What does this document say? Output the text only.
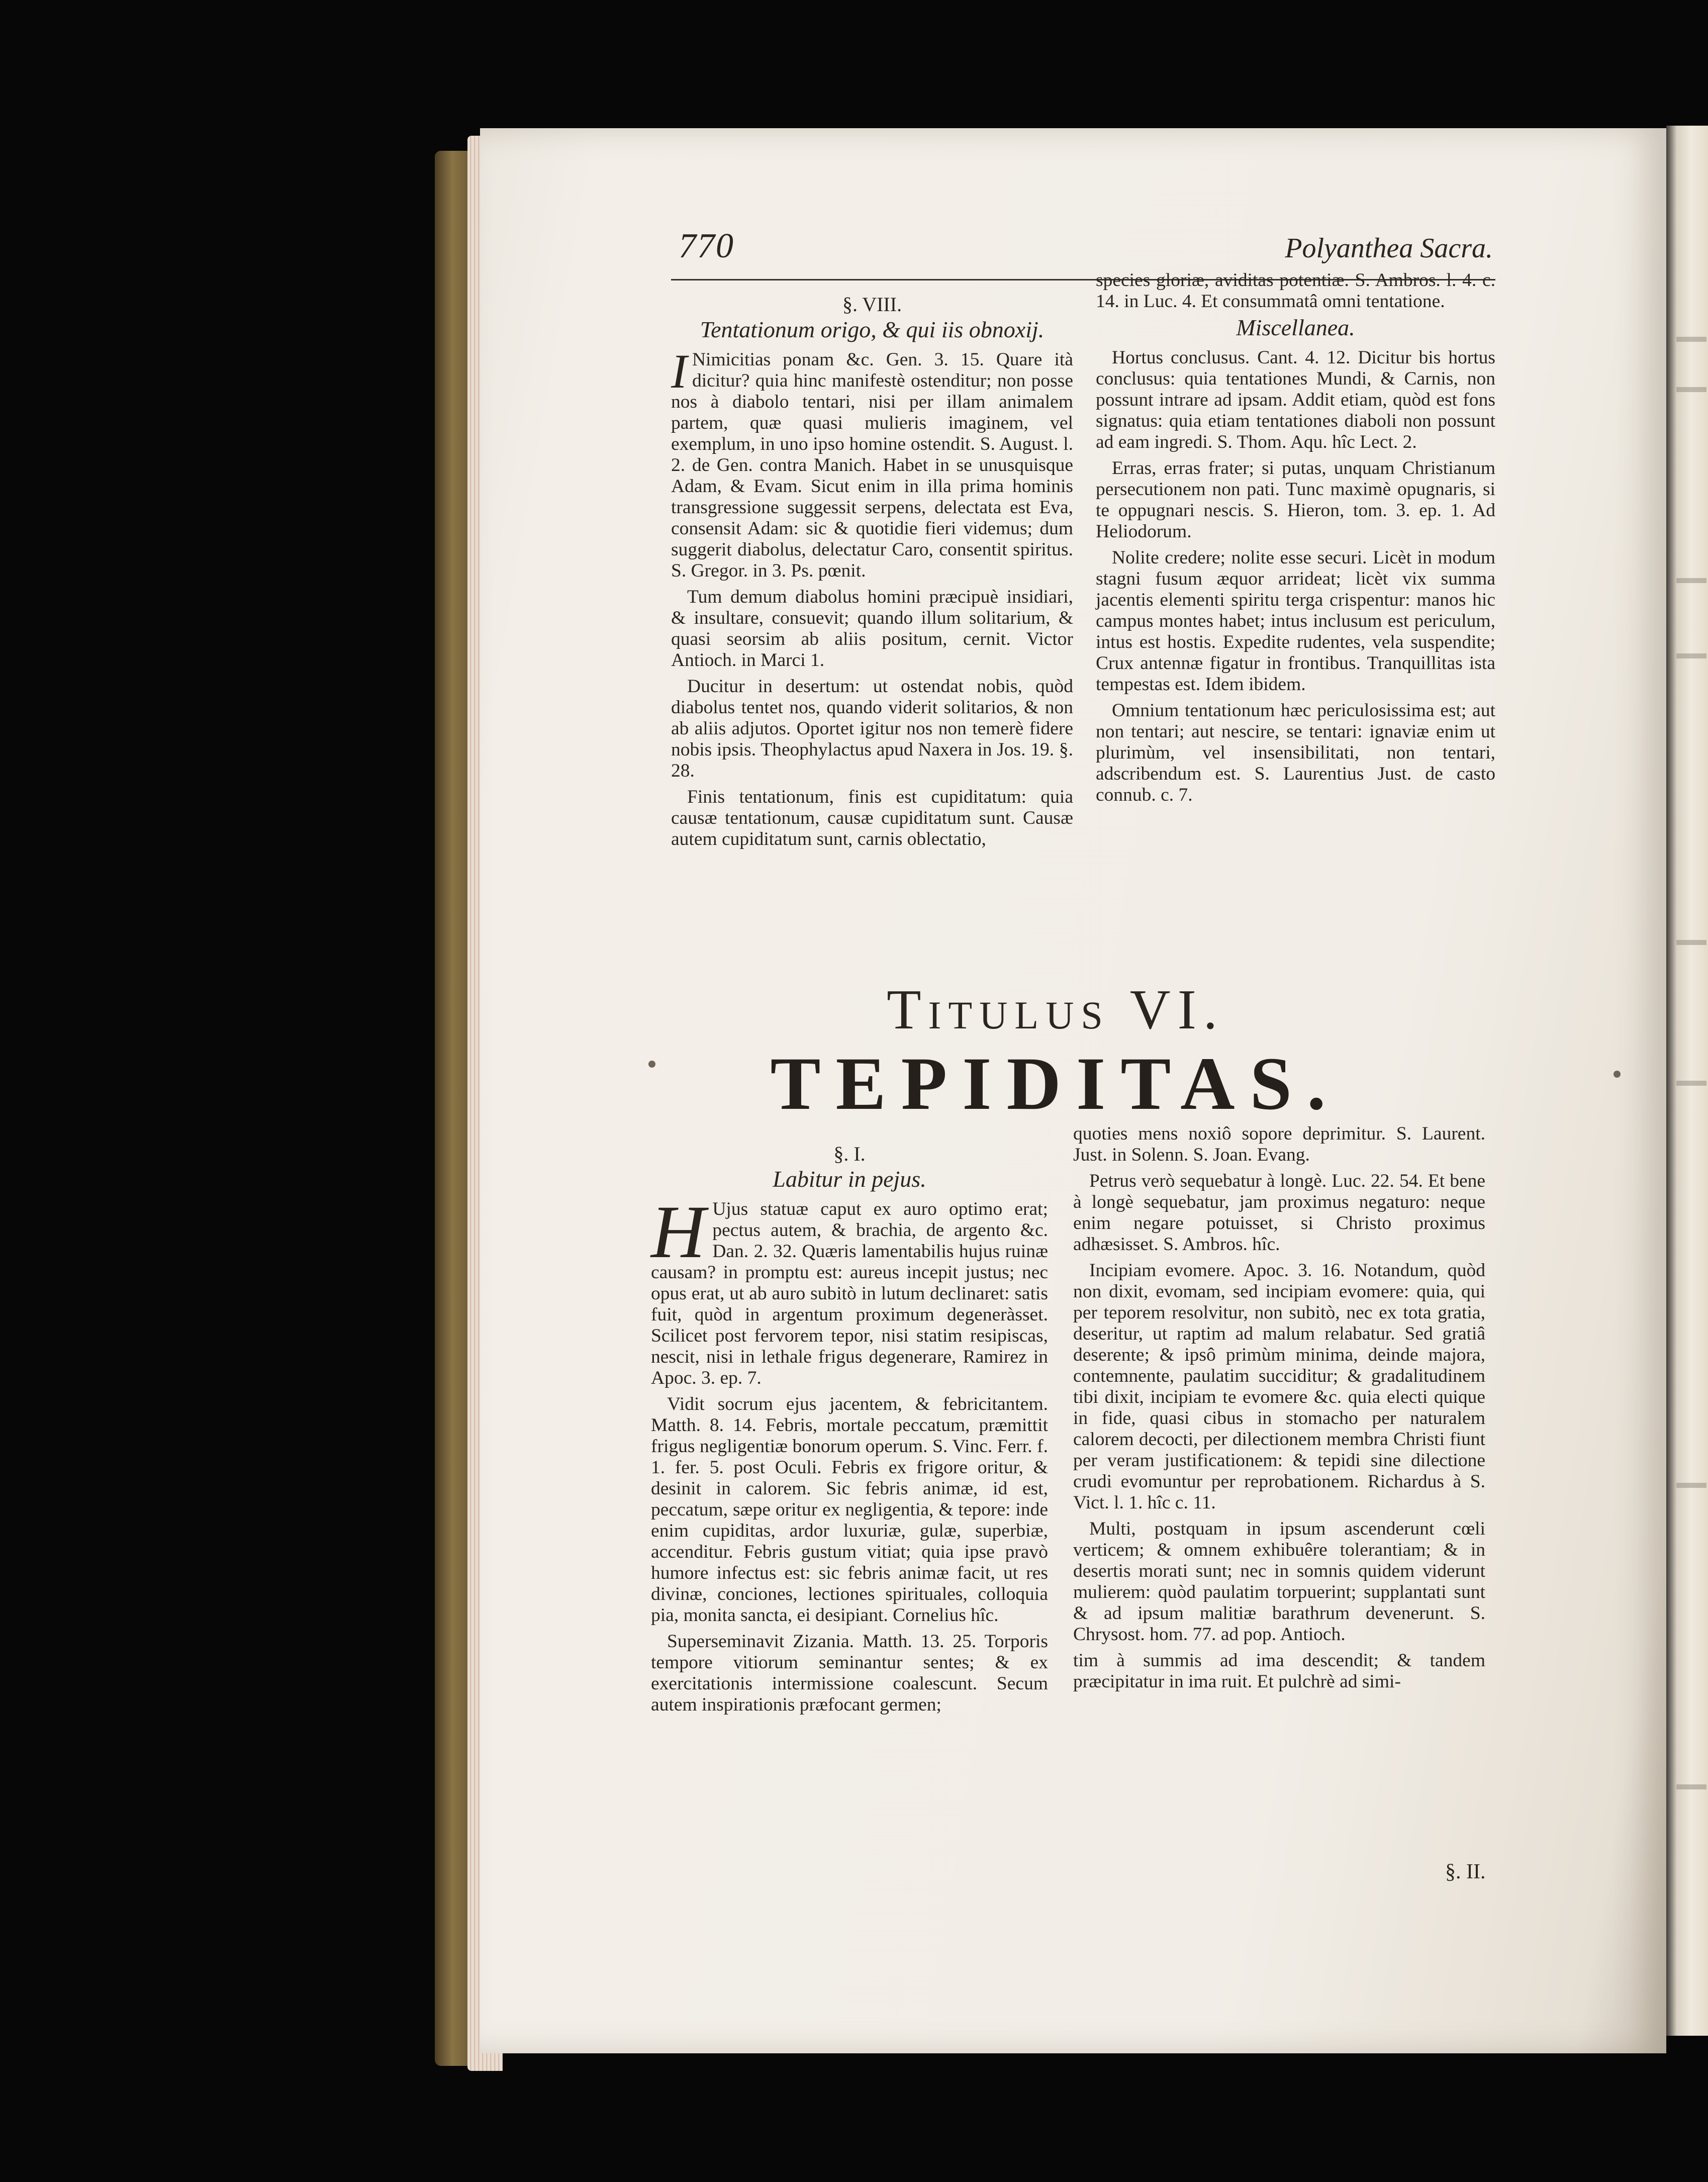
770	Polyanthea Sacra.
§. VIII.
Tentationum origo, & qui iis obnoxij.

I Nimicitias ponam &c. Gen. 3. 15. Quare ità dicitur? quia hinc manifestè ostenditur; non posse nos à diabolo tentari, nisi per illam animalem partem, quæ quasi mulieris imaginem, vel exemplum, in uno ipso homine ostendit. S. August. l. 2. de Gen. contra Manich. Habet in se unusquisque Adam, & Evam. Sicut enim in illa prima hominis transgressione suggessit serpens, delectata est Eva, consensit Adam: sic & quotidie fieri videmus; dum suggerit diabolus, delectatur Caro, consentit spiritus. S. Gregor. in 3. Ps. pœnit.

Tum demum diabolus homini præcipuè insidiari, & insultare, consuevit; quando illum solitarium, & quasi seorsim ab aliis positum, cernit. Victor Antioch. in Marci 1.

Ducitur in desertum: ut ostendat nobis, quòd diabolus tentet nos, quando viderit solitarios, & non ab aliis adjutos. Oportet igitur nos non temerè fidere nobis ipsis. Theophylactus apud Naxera in Jos. 19. §. 28.

Finis tentationum, finis est cupiditatum: quia causæ tentationum, causæ cupiditatum sunt. Causæ autem cupiditatum sunt, carnis oblectatio,

species gloriæ, aviditas potentiæ. S. Ambros. l. 4. c. 14. in Luc. 4. Et consummatâ omni tentatione.

Miscellanea.

Hortus conclusus. Cant. 4. 12. Dicitur bis hortus conclusus: quia tentationes Mundi, & Carnis, non possunt intrare ad ipsam. Addit etiam, quòd est fons signatus: quia etiam tentationes diaboli non possunt ad eam ingredi. S. Thom. Aqu. hîc Lect. 2.

Erras, erras frater; si putas, unquam Christianum persecutionem non pati. Tunc maximè opugnaris, si te oppugnari nescis. S. Hieron, tom. 3. ep. 1. Ad Heliodorum.

Nolite credere; nolite esse securi. Licèt in modum stagni fusum æquor arrideat; licèt vix summa jacentis elementi spiritu terga crispentur: manos hic campus montes habet; intus inclusum est periculum, intus est hostis. Expedite rudentes, vela suspendite; Crux antennæ figatur in frontibus. Tranquillitas ista tempestas est. Idem ibidem.

Omnium tentationum hæc periculosissima est; aut non tentari; aut nescire, se tentari: ignaviæ enim ut plurimùm, vel insensibilitati, non tentari, adscribendum est. S. Laurentius Just. de casto connub. c. 7.

Titulus VI.
TEPIDITAS.
§. I.
Labitur in pejus.

H Ujus statuæ caput ex auro optimo erat; pectus autem, & brachia, de argento &c. Dan. 2. 32. Quæris lamentabilis hujus ruinæ causam? in promptu est: aureus incepit justus; nec opus erat, ut ab auro subitò in lutum declinaret: satis fuit, quòd in argentum proximum degeneràsset. Scilicet post fervorem tepor, nisi statim resipiscas, nescit, nisi in lethale frigus degenerare, Ramirez in Apoc. 3. ep. 7.

Vidit socrum ejus jacentem, & febricitantem. Matth. 8. 14. Febris, mortale peccatum, præmittit frigus negligentiæ bonorum operum. S. Vinc. Ferr. f. 1. fer. 5. post Oculi. Febris ex frigore oritur, & desinit in calorem. Sic febris animæ, id est, peccatum, sæpe oritur ex negligentia, & tepore: inde enim cupiditas, ardor luxuriæ, gulæ, superbiæ, accenditur. Febris gustum vitiat; quia ipse pravò humore infectus est: sic febris animæ facit, ut res divinæ, conciones, lectiones spirituales, colloquia pia, monita sancta, ei desipiant. Cornelius hîc.

Superseminavit Zizania. Matth. 13. 25. Torporis tempore vitiorum seminantur sentes; & ex exercitationis intermissione coalescunt. Secum autem inspirationis præfocant germen;

quoties mens noxiô sopore deprimitur. S. Laurent. Just. in Solenn. S. Joan. Evang.

Petrus verò sequebatur à longè. Luc. 22. 54. Et bene à longè sequebatur, jam proximus negaturo: neque enim negare potuisset, si Christo proximus adhæsisset. S. Ambros. hîc.

Incipiam evomere. Apoc. 3. 16. Notandum, quòd non dixit, evomam, sed incipiam evomere: quia, qui per teporem resolvitur, non subitò, nec ex tota gratia, deseritur, ut raptim ad malum relabatur. Sed gratiâ deserente; & ipsô primùm minima, deinde majora, contemnente, paulatim succiditur; & gradalitudinem tibi dixit, incipiam te evomere &c. quia electi quique in fide, quasi cibus in stomacho per naturalem calorem decocti, per dilectionem membra Christi fiunt per veram justificationem: & tepidi sine dilectione crudi evomuntur per reprobationem. Richardus à S. Vict. l. 1. hîc c. 11.

Multi, postquam in ipsum ascenderunt cœli verticem; & omnem exhibuêre tolerantiam; & in desertis morati sunt; nec in somnis quidem viderunt mulierem: quòd paulatim torpuerint; supplantati sunt & ad ipsum malitiæ barathrum devenerunt. S. Chrysost. hom. 77. ad pop. Antioch.

tim à summis ad ima descendit; & tandem præcipitatur in ima ruit. Et pulchrè ad simi-

§. II.
